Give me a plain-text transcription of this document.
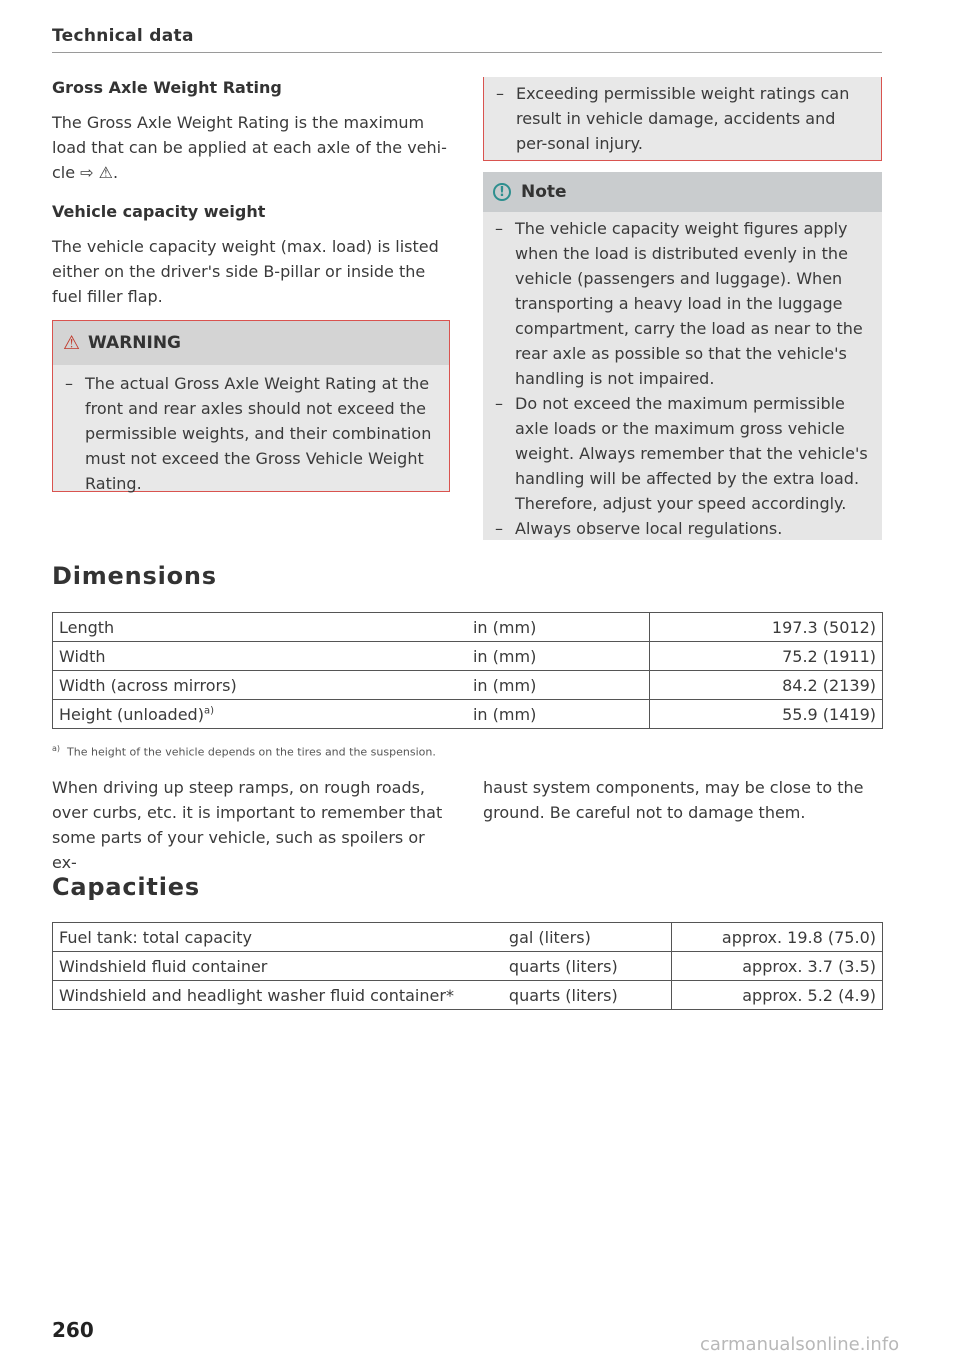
Technical data
Gross Axle Weight Rating
The Gross Axle Weight Rating is the maximum load that can be applied at each axle of the vehi-cle ⇨ ⚠.
Vehicle capacity weight
The vehicle capacity weight (max. load) is listed either on the driver's side B-pillar or inside the fuel filler flap.
⚠ WARNING
– The actual Gross Axle Weight Rating at the front and rear axles should not exceed the permissible weights, and their combination must not exceed the Gross Vehicle Weight Rating.
– Exceeding permissible weight ratings can result in vehicle damage, accidents and per-sonal injury.
! Note
– The vehicle capacity weight figures apply when the load is distributed evenly in the vehicle (passengers and luggage). When transporting a heavy load in the luggage compartment, carry the load as near to the rear axle as possible so that the vehicle's handling is not impaired.
– Do not exceed the maximum permissible axle loads or the maximum gross vehicle weight. Always remember that the vehicle's handling will be affected by the extra load. Therefore, adjust your speed accordingly.
– Always observe local regulations.
Dimensions
Length	in (mm)	197.3 (5012)
Width	in (mm)	75.2 (1911)
Width (across mirrors)	in (mm)	84.2 (2139)
Height (unloaded)$^{a)}$	in (mm)	55.9 (1419)
$^{a)}$ The height of the vehicle depends on the tires and the suspension.
When driving up steep ramps, on rough roads, over curbs, etc. it is important to remember that some parts of your vehicle, such as spoilers or ex-
haust system components, may be close to the ground. Be careful not to damage them.
Capacities
Fuel tank: total capacity	gal (liters)	approx. 19.8 (75.0)
Windshield fluid container	quarts (liters)	approx. 3.7 (3.5)
Windshield and headlight washer fluid container*	quarts (liters)	approx. 5.2 (4.9)
260
carmanualsonline.info
